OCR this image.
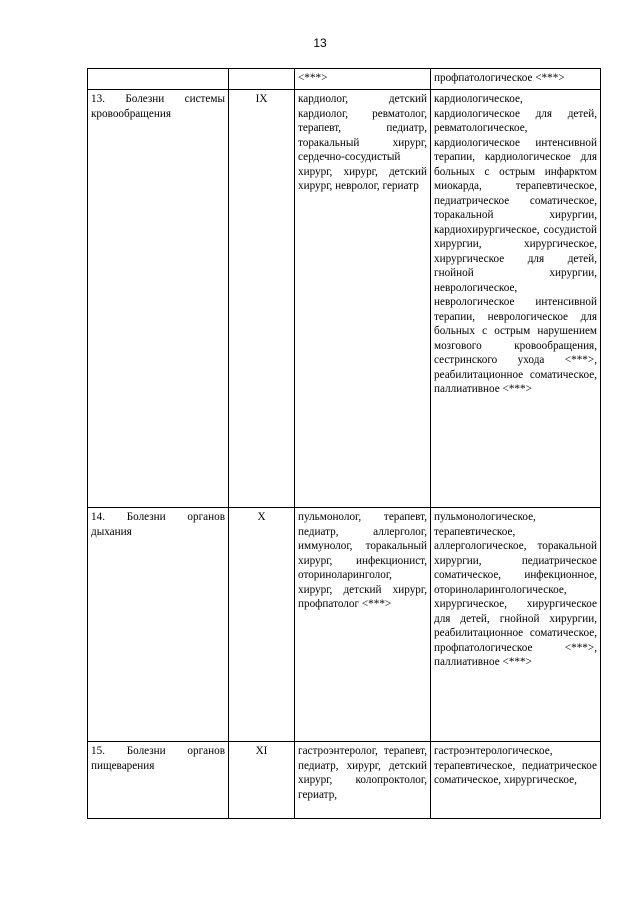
13
		<***>	профпатологическое <***>
13. Болезни системы кровообращения	IX	кардиолог, детский кардиолог, ревматолог, терапевт, педиатр, торакальный хирург, сердечно-сосудистый хирург, хирург, детский хирург, невролог, гериатр	кардиологическое, кардиологическое для детей, ревматологическое, кардиологическое интенсивной терапии, кардиологическое для больных с острым инфарктом миокарда, терапевтическое, педиатрическое соматическое, торакальной хирургии, кардиохирургическое, сосудистой хирургии, хирургическое, хирургическое для детей, гнойной хирургии, неврологическое, неврологическое интенсивной терапии, неврологическое для больных с острым нарушением мозгового кровообращения, сестринского ухода <***>, реабилитационное соматическое, паллиативное <***>
14. Болезни органов дыхания	X	пульмонолог, терапевт, педиатр, аллерголог, иммунолог, торакальный хирург, инфекционист, оториноларинголог, хирург, детский хирург, профпатолог <***>	пульмонологическое, терапевтическое, аллергологическое, торакальной хирургии, педиатрическое соматическое, инфекционное, оториноларингологическое, хирургическое, хирургическое для детей, гнойной хирургии, реабилитационное соматическое, профпатологическое <***>, паллиативное <***>
15. Болезни органов пищеварения	XI	гастроэнтеролог, терапевт, педиатр, хирург, детский хирург, колопроктолог, гериатр,	гастроэнтерологическое, терапевтическое, педиатрическое соматическое, хирургическое,
